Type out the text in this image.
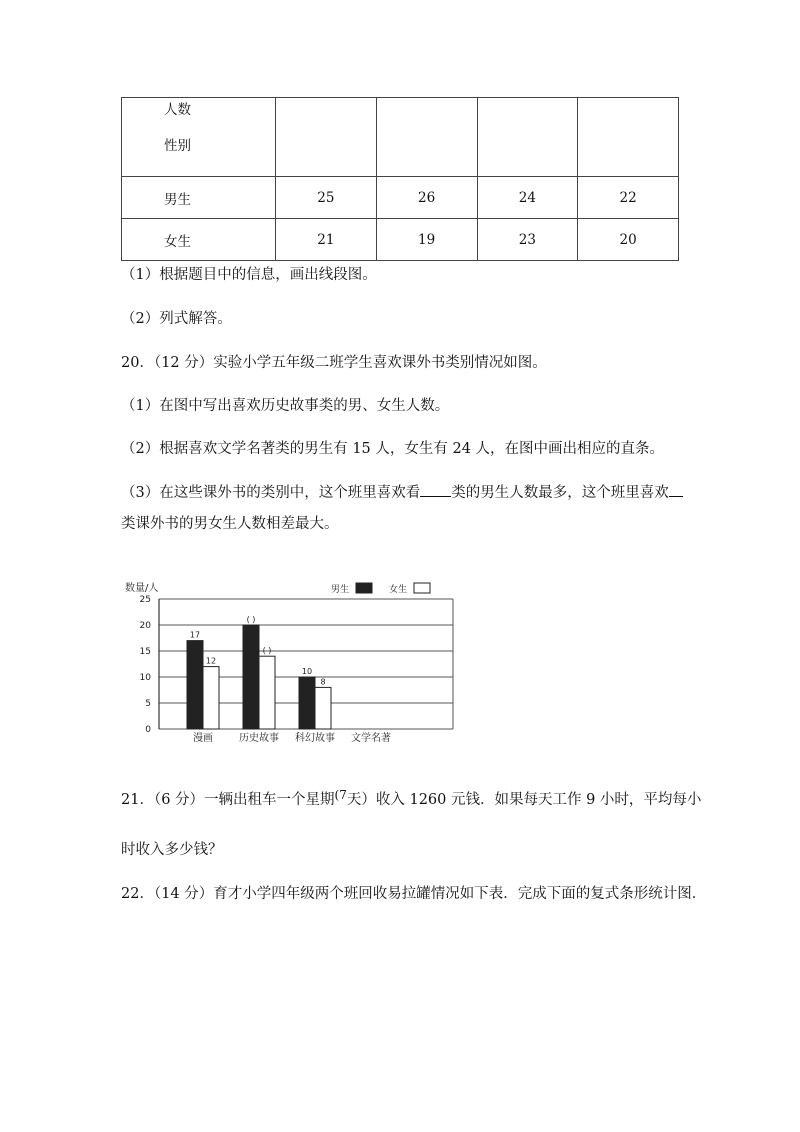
人数
性别				

男生	25	26	24	22
女生	21	19	23	20
（1）根据题目中的信息，画出线段图。
（2）列式解答。
20．（12 分）实验小学五年级二班学生喜欢课外书类别情况如图。
（1）在图中写出喜欢历史故事类的男、女生人数。
（2）根据喜欢文学名著类的男生有 15 人，女生有 24 人，在图中画出相应的直条。
（3）在这些课外书的类别中，这个班里喜欢看 类的男生人数最多，这个班里喜欢
类课外书的男女生人数相差最大。
数量/人	男生	女生
0
5
10
15
20
25
17
12
漫画
( )
( )
历史故事
10
8
科幻故事 文学名著
21．（6 分）一辆出租车一个星期$^{(7}$天）收入 1260 元钱．如果每天工作 9 小时，平均每小
时收入多少钱？
22．（14 分）育才小学四年级两个班回收易拉罐情况如下表．完成下面的复式条形统计图．
